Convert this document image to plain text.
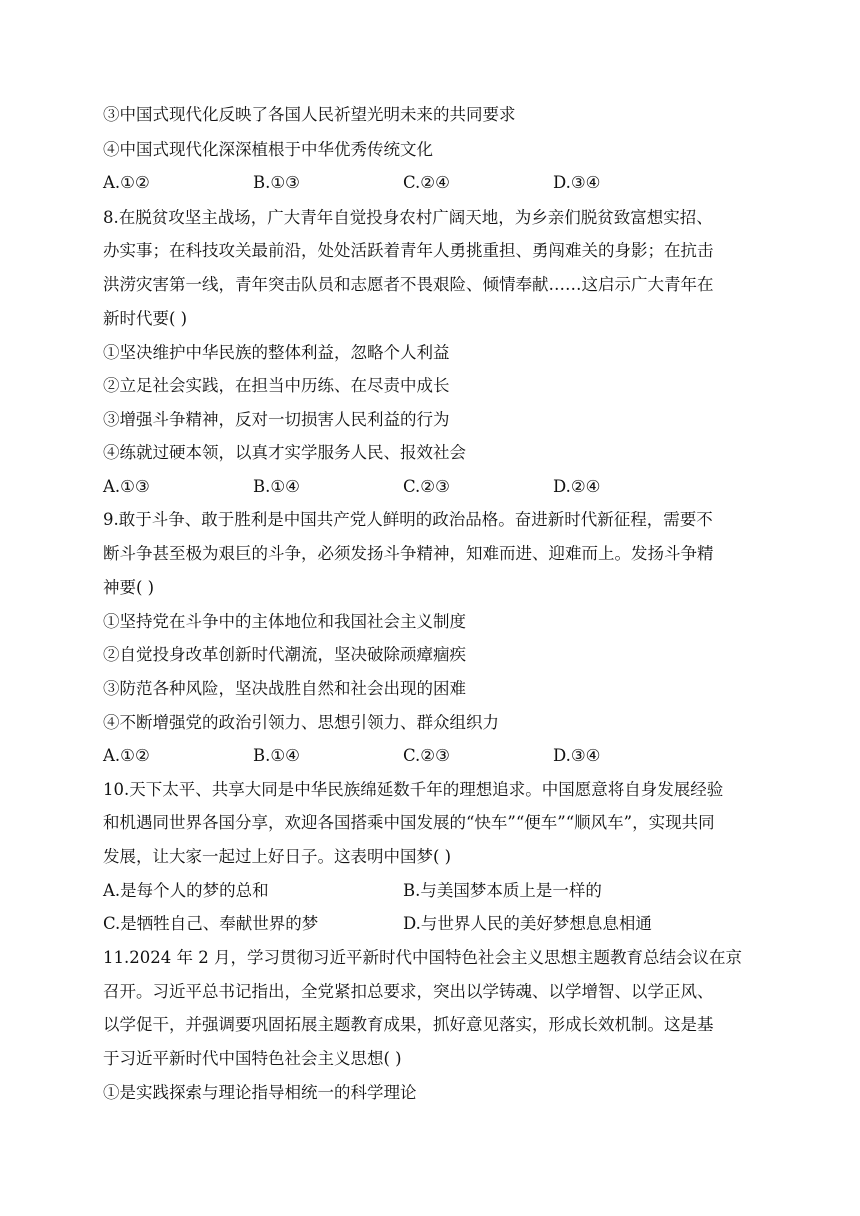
③中国式现代化反映了各国人民祈望光明未来的共同要求
④中国式现代化深深植根于中华优秀传统文化
A.①②	B.①③	C.②④	D.③④
8.在脱贫攻坚主战场，广大青年自觉投身农村广阔天地，为乡亲们脱贫致富想实招、
办实事；在科技攻关最前沿，处处活跃着青年人勇挑重担、勇闯难关的身影；在抗击
洪涝灾害第一线，青年突击队员和志愿者不畏艰险、倾情奉献……这启示广大青年在
新时代要( )
①坚决维护中华民族的整体利益，忽略个人利益
②立足社会实践，在担当中历练、在尽责中成长
③增强斗争精神，反对一切损害人民利益的行为
④练就过硬本领，以真才实学服务人民、报效社会
A.①③	B.①④	C.②③	D.②④
9.敢于斗争、敢于胜利是中国共产党人鲜明的政治品格。奋进新时代新征程，需要不
断斗争甚至极为艰巨的斗争，必须发扬斗争精神，知难而进、迎难而上。发扬斗争精
神要( )
①坚持党在斗争中的主体地位和我国社会主义制度
②自觉投身改革创新时代潮流，坚决破除顽瘴痼疾
③防范各种风险，坚决战胜自然和社会出现的困难
④不断增强党的政治引领力、思想引领力、群众组织力
A.①②	B.①④	C.②③	D.③④
10.天下太平、共享大同是中华民族绵延数千年的理想追求。中国愿意将自身发展经验
和机遇同世界各国分享，欢迎各国搭乘中国发展的“快车”“便车”“顺风车”，实现共同
发展，让大家一起过上好日子。这表明中国梦( )
A.是每个人的梦的总和	B.与美国梦本质上是一样的
C.是牺牲自己、奉献世界的梦	D.与世界人民的美好梦想息息相通
11.2024 年 2 月，学习贯彻习近平新时代中国特色社会主义思想主题教育总结会议在京
召开。习近平总书记指出，全党紧扣总要求，突出以学铸魂、以学增智、以学正风、
以学促干，并强调要巩固拓展主题教育成果，抓好意见落实，形成长效机制。这是基
于习近平新时代中国特色社会主义思想( )
①是实践探索与理论指导相统一的科学理论
